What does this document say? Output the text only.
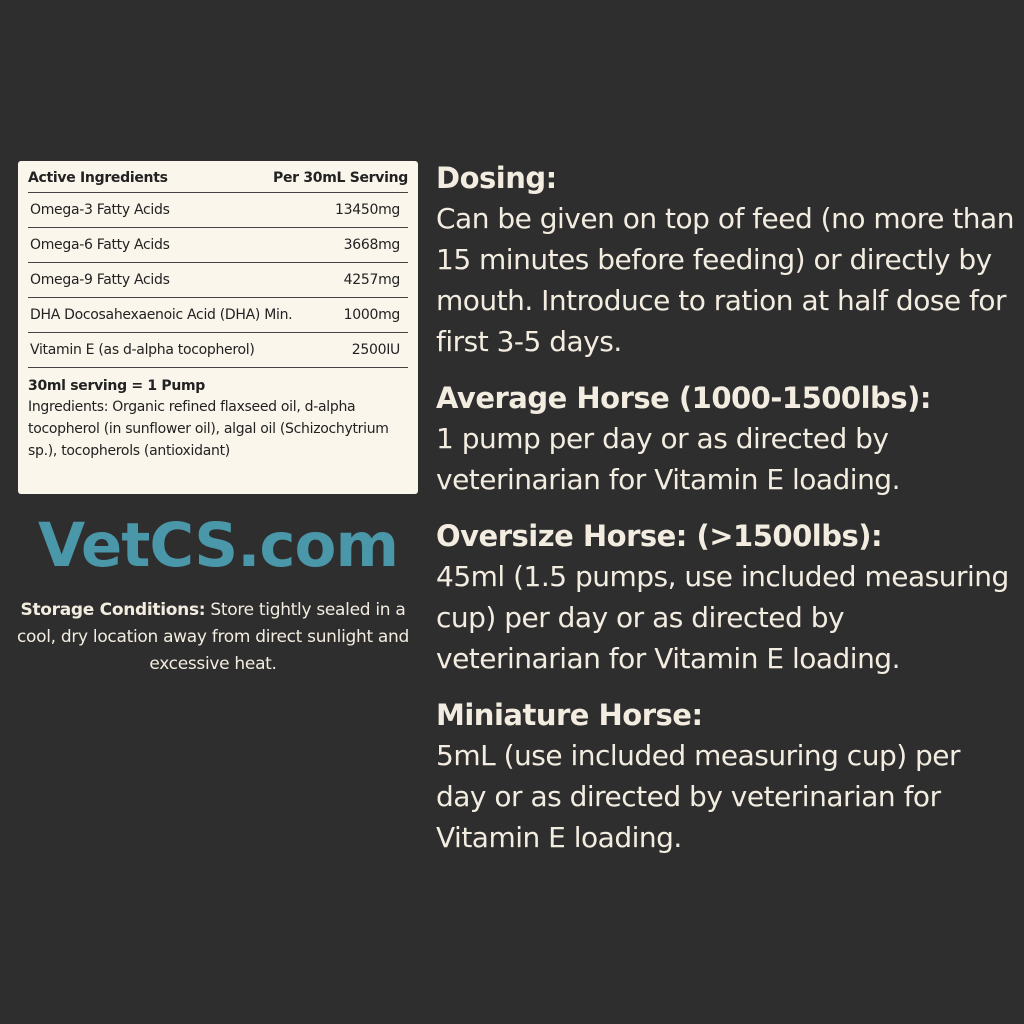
Active Ingredients	Per 30mL Serving
Omega-3 Fatty Acids	13450mg
Omega-6 Fatty Acids	3668mg
Omega-9 Fatty Acids	4257mg
DHA Docosahexaenoic Acid (DHA) Min.	1000mg
Vitamin E (as d-alpha tocopherol)	2500IU
30ml serving = 1 Pump
Ingredients: Organic refined flaxseed oil, d-alpha tocopherol (in sunflower oil), algal oil (Schizochytrium sp.), tocopherols (antioxidant)
VetCS.com
Storage Conditions: Store tightly sealed in a cool, dry location away from direct sunlight and excessive heat.
Dosing:

Can be given on top of feed (no more than 15 minutes before feeding) or directly by mouth. Introduce to ration at half dose for first 3-5 days.

Average Horse (1000-1500lbs):

1 pump per day or as directed by veterinarian for Vitamin E loading.

Oversize Horse: (>1500lbs):

45ml (1.5 pumps, use included measuring cup) per day or as directed by veterinarian for Vitamin E loading.

Miniature Horse:

5mL (use included measuring cup) per day or as directed by veterinarian for Vitamin E loading.
